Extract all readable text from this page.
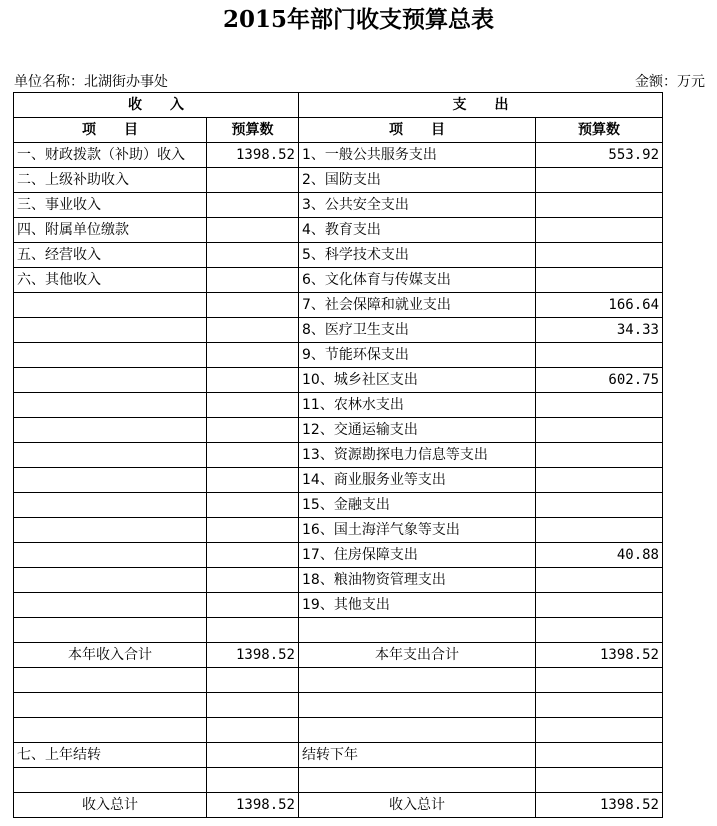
2015年部门收支预算总表
单位名称：北湖街办事处	金额：万元
收　　入		支　　出	
项　　目	预算数	项　　目	预算数
一、财政拨款（补助）收入	1398.52	1、一般公共服务支出	553.92
二、上级补助收入		2、国防支出	
三、事业收入		3、公共安全支出	
四、附属单位缴款		4、教育支出	
五、经营收入		5、科学技术支出	
六、其他收入		6、文化体育与传媒支出	
		7、社会保障和就业支出	166.64
		8、医疗卫生支出	34.33
		9、节能环保支出	
		10、城乡社区支出	602.75
		11、农林水支出	
		12、交通运输支出	
		13、资源勘探电力信息等支出	
		14、商业服务业等支出	
		15、金融支出	
		16、国土海洋气象等支出	
		17、住房保障支出	40.88
		18、粮油物资管理支出	
		19、其他支出	

本年收入合计	1398.52	本年支出合计	1398.52

七、上年结转		结转下年	

收入总计	1398.52	收入总计	1398.52
